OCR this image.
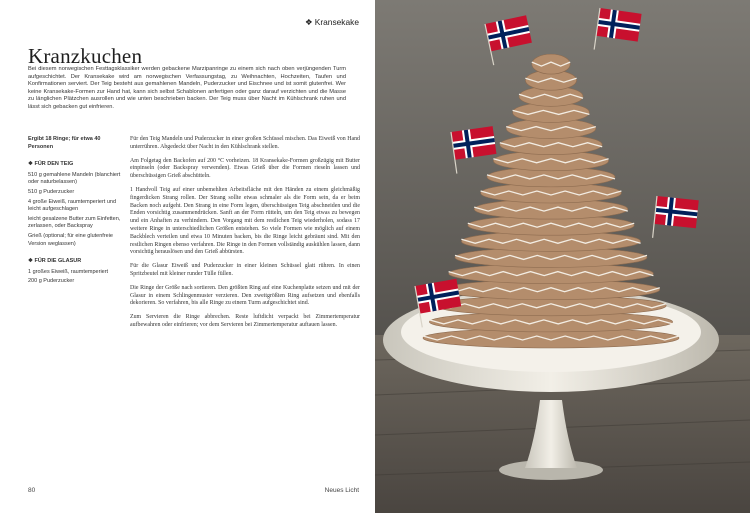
❖ Kransekake
Kranzkuchen
Bei diesem norwegischen Festtagsklassiker werden gebackene Marzipanringe zu einem sich nach oben verjüngenden Turm aufgeschichtet. Der Kransekake wird am norwegischen Verfassungstag, zu Weihnachten, Hochzeiten, Taufen und Konfirmationen serviert. Der Teig besteht aus gemahlenen Mandeln, Puderzucker und Eischnee und ist somit glutenfrei. Wer keine Kransekake-Formen zur Hand hat, kann sich selbst Schablonen anfertigen oder ganz darauf verzichten und die Masse zu länglichen Plätzchen ausrollen und wie unten beschrieben backen. Der Teig muss über Nacht im Kühlschrank ruhen und lässt sich gebacken gut einfrieren.
Ergibt 18 Ringe; für etwa 40 Personen
❖ FÜR DEN TEIG
510 g gemahlene Mandeln (blanchiert oder naturbelassen)
510 g Puderzucker
4 große Eiweiß, raumtemperiert und leicht aufgeschlagen
leicht gesalzene Butter zum Einfetten, zerlassen, oder Backspray
Grieß (optional; für eine glutenfreie Version weglassen)
❖ FÜR DIE GLASUR
1 großes Eiweiß, raumtemperiert
200 g Puderzucker

Für den Teig Mandeln und Puderzucker in einer großen Schüssel mischen. Das Eiweiß von Hand unterrühren. Abgedeckt über Nacht in den Kühlschrank stellen.

Am Folgetag den Backofen auf 200 °C vorheizen. 18 Kransekake-Formen großzügig mit Butter einpinseln (oder Backspray verwenden). Etwas Grieß über die Formen rieseln lassen und überschüssigen Grieß abschütteln.

1 Handvoll Teig auf einer unbemehlten Arbeitsfläche mit den Händen zu einem gleichmäßig fingerdicken Strang rollen. Der Strang sollte etwas schmaler als die Form sein, da er beim Backen noch aufgeht. Den Strang in eine Form legen, überschüssigen Teig abschneiden und die Enden vorsichtig zusammendrücken. Sanft an der Form rütteln, um den Teig etwas zu bewegen und ein Anhaften zu verhindern. Den Vorgang mit dem restlichen Teig wiederholen, sodass 17 weitere Ringe in unterschiedlichen Größen entstehen. So viele Formen wie möglich auf einem Backblech verteilen und etwa 10 Minuten backen, bis die Ringe leicht gebräunt sind. Mit den restlichen Ringen ebenso verfahren. Die Ringe in den Formen vollständig auskühlen lassen, dann vorsichtig herauslösen und den Grieß abbürsten.

Für die Glasur Eiweiß und Puderzucker in einer kleinen Schüssel glatt rühren. In einen Spritzbeutel mit kleiner runder Tülle füllen.

Die Ringe der Größe nach sortieren. Den größten Ring auf eine Kuchenplatte setzen und mit der Glasur in einem Schlingenmuster verzieren. Den zweitgrößten Ring aufsetzen und ebenfalls dekorieren. So verfahren, bis alle Ringe zu einem Turm aufgeschichtet sind.

Zum Servieren die Ringe abbrechen. Reste luftdicht verpackt bei Zimmertemperatur aufbewahren oder einfrieren; vor dem Servieren bei Zimmertemperatur auftauen lassen.

80	Neues Licht
